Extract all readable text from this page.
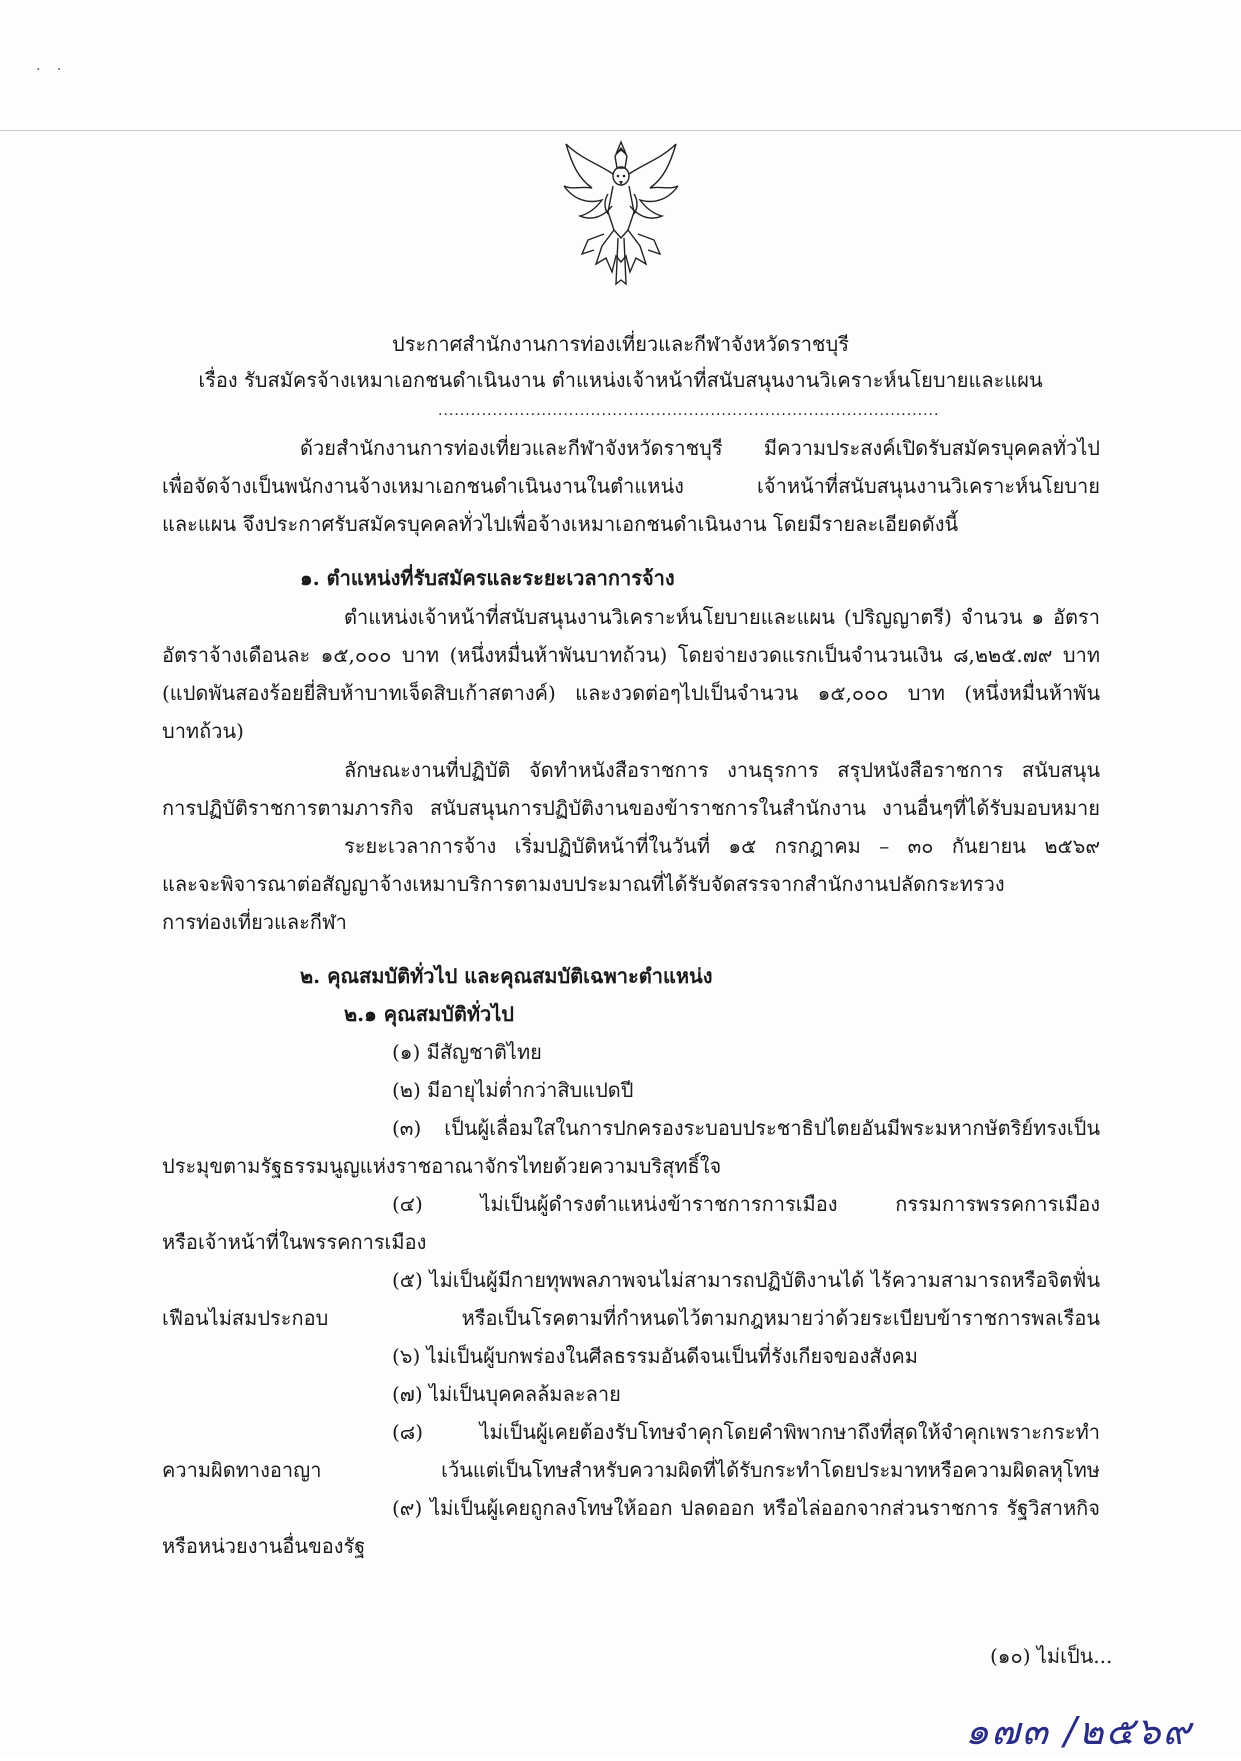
· ·
ประกาศสำนักงานการท่องเที่ยวและกีฬาจังหวัดราชบุรี
เรื่อง รับสมัครจ้างเหมาเอกชนดำเนินงาน ตำแหน่งเจ้าหน้าที่สนับสนุนงานวิเคราะห์นโยบายและแผน
............................................................................................
ด้วยสำนักงานการท่องเที่ยวและกีฬาจังหวัดราชบุรี มีความประสงค์เปิดรับสมัครบุคคลทั่วไป
เพื่อจัดจ้างเป็นพนักงานจ้างเหมาเอกชนดำเนินงานในตำแหน่ง เจ้าหน้าที่สนับสนุนงานวิเคราะห์นโยบาย
และแผน จึงประกาศรับสมัครบุคคลทั่วไปเพื่อจ้างเหมาเอกชนดำเนินงาน โดยมีรายละเอียดดังนี้
๑. ตำแหน่งที่รับสมัครและระยะเวลาการจ้าง
ตำแหน่งเจ้าหน้าที่สนับสนุนงานวิเคราะห์นโยบายและแผน (ปริญญาตรี) จำนวน ๑ อัตรา
อัตราจ้างเดือนละ ๑๕,๐๐๐ บาท (หนึ่งหมื่นห้าพันบาทถ้วน) โดยจ่ายงวดแรกเป็นจำนวนเงิน ๘,๒๒๕.๗๙ บาท
(แปดพันสองร้อยยี่สิบห้าบาทเจ็ดสิบเก้าสตางค์) และงวดต่อๆไปเป็นจำนวน ๑๕,๐๐๐ บาท (หนึ่งหมื่นห้าพัน
บาทถ้วน)
ลักษณะงานที่ปฏิบัติ จัดทำหนังสือราชการ งานธุรการ สรุปหนังสือราชการ สนับสนุน
การปฏิบัติราชการตามภารกิจ สนับสนุนการปฏิบัติงานของข้าราชการในสำนักงาน งานอื่นๆที่ได้รับมอบหมาย
ระยะเวลาการจ้าง เริ่มปฏิบัติหน้าที่ในวันที่ ๑๕ กรกฎาคม – ๓๐ กันยายน ๒๕๖๙
และจะพิจารณาต่อสัญญาจ้างเหมาบริการตามงบประมาณที่ได้รับจัดสรรจากสำนักงานปลัดกระทรวง
การท่องเที่ยวและกีฬา
๒. คุณสมบัติทั่วไป และคุณสมบัติเฉพาะตำแหน่ง
๒.๑ คุณสมบัติทั่วไป
(๑) มีสัญชาติไทย
(๒) มีอายุไม่ต่ำกว่าสิบแปดปี
(๓) เป็นผู้เลื่อมใสในการปกครองระบอบประชาธิปไตยอันมีพระมหากษัตริย์ทรงเป็น
ประมุขตามรัฐธรรมนูญแห่งราชอาณาจักรไทยด้วยความบริสุทธิ์ใจ
(๔) ไม่เป็นผู้ดำรงตำแหน่งข้าราชการการเมือง กรรมการพรรคการเมือง
หรือเจ้าหน้าที่ในพรรคการเมือง
(๕) ไม่เป็นผู้มีกายทุพพลภาพจนไม่สามารถปฏิบัติงานได้ ไร้ความสามารถหรือจิตฟั่น
เฟือนไม่สมประกอบ หรือเป็นโรคตามที่กำหนดไว้ตามกฎหมายว่าด้วยระเบียบข้าราชการพลเรือน
(๖) ไม่เป็นผู้บกพร่องในศีลธรรมอันดีจนเป็นที่รังเกียจของสังคม
(๗) ไม่เป็นบุคคลล้มละลาย
(๘) ไม่เป็นผู้เคยต้องรับโทษจำคุกโดยคำพิพากษาถึงที่สุดให้จำคุกเพราะกระทำ
ความผิดทางอาญา เว้นแต่เป็นโทษสำหรับความผิดที่ได้รับกระทำโดยประมาทหรือความผิดลหุโทษ
(๙) ไม่เป็นผู้เคยถูกลงโทษให้ออก ปลดออก หรือไล่ออกจากส่วนราชการ รัฐวิสาหกิจ
หรือหน่วยงานอื่นของรัฐ
(๑๐) ไม่เป็น...
๑๗๓ /๒๕๖๙
